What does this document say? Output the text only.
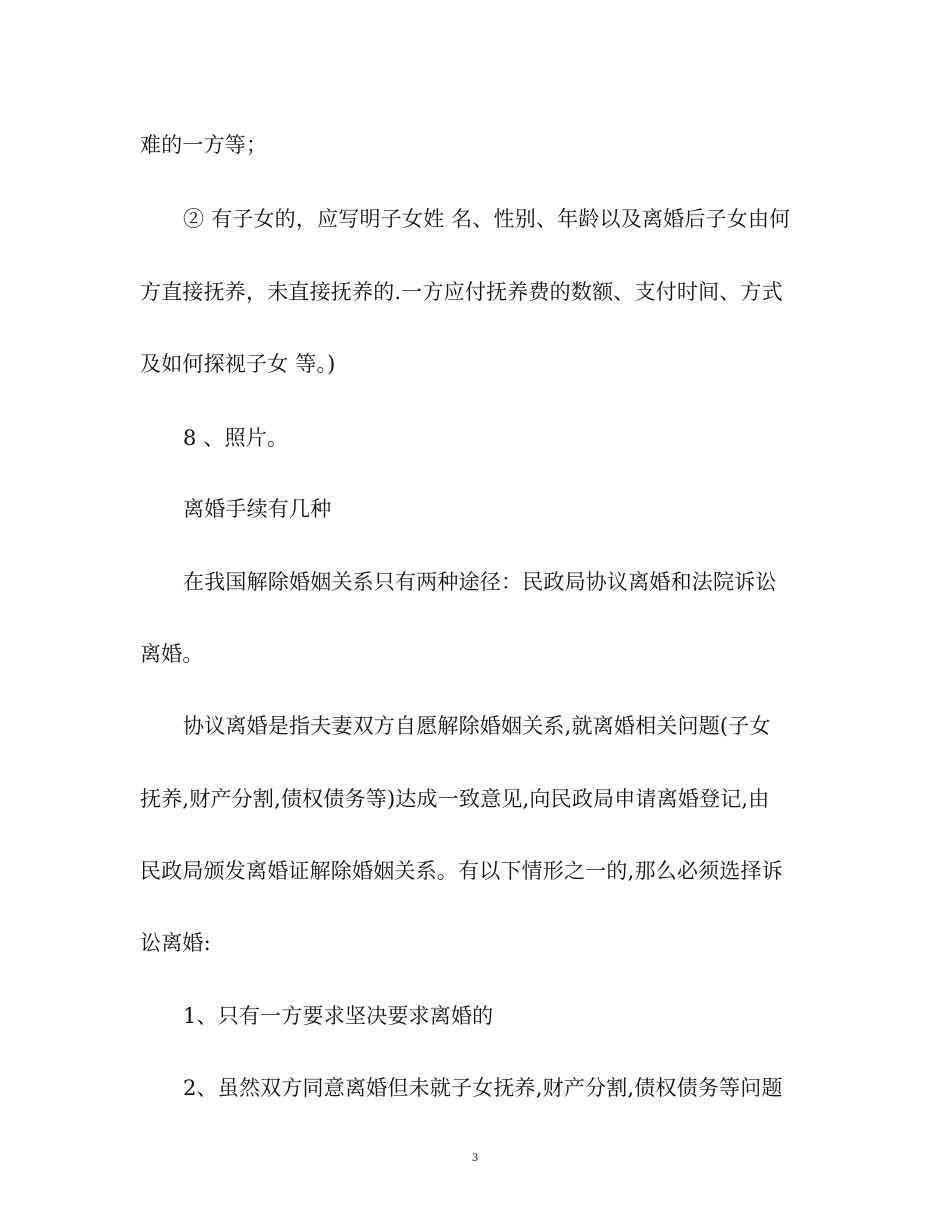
难的一方等；
② 有子女的，应写明子女姓 名、性别、年龄以及离婚后子女由何
方直接抚养，未直接抚养的.一方应付抚养费的数额、支付时间、方式
及如何探视子女 等。)
8 、照片。
离婚手续有几种
在我国解除婚姻关系只有两种途径：民政局协议离婚和法院诉讼
离婚。
协议离婚是指夫妻双方自愿解除婚姻关系,就离婚相关问题(子女
抚养,财产分割,债权债务等)达成一致意见,向民政局申请离婚登记,由
民政局颁发离婚证解除婚姻关系。有以下情形之一的,那么必须选择诉
讼离婚:
1、只有一方要求坚决要求离婚的
2、虽然双方同意离婚但未就子女抚养,财产分割,债权债务等问题
3
